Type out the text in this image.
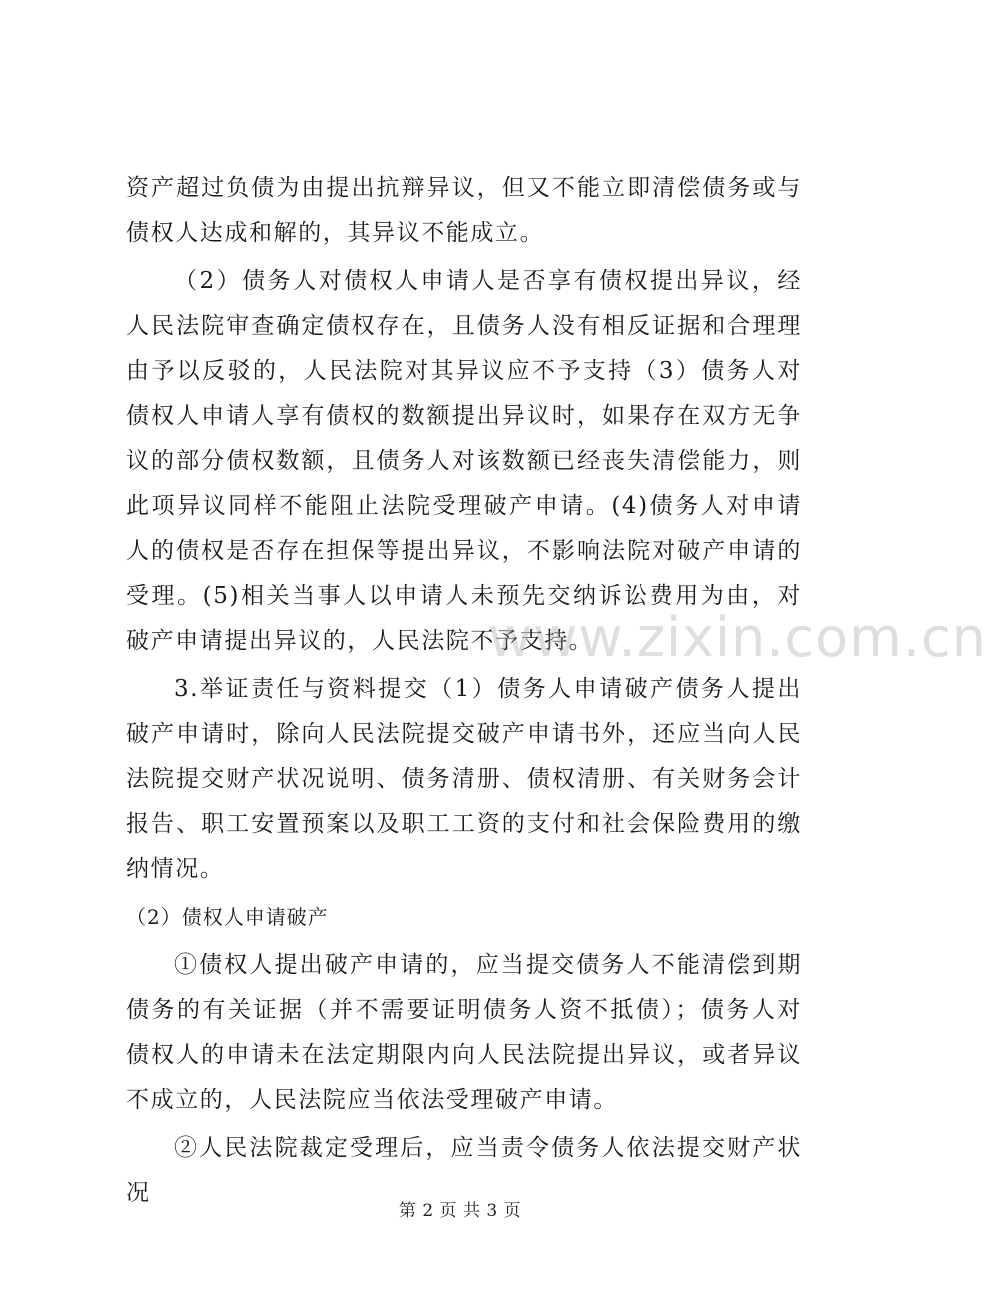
资产超过负债为由提出抗辩异议，但又不能立即清偿债务或与债权人达成和解的，其异议不能成立。

（2）债务人对债权人申请人是否享有债权提出异议，经人民法院审查确定债权存在，且债务人没有相反证据和合理理由予以反驳的，人民法院对其异议应不予支持（3）债务人对债权人申请人享有债权的数额提出异议时，如果存在双方无争议的部分债权数额，且债务人对该数额已经丧失清偿能力，则此项异议同样不能阻止法院受理破产申请。(4)债务人对申请人的债权是否存在担保等提出异议，不影响法院对破产申请的受理。(5)相关当事人以申请人未预先交纳诉讼费用为由，对破产申请提出异议的，人民法院不予支持。

3.举证责任与资料提交（1）债务人申请破产债务人提出破产申请时，除向人民法院提交破产申请书外，还应当向人民法院提交财产状况说明、债务清册、债权清册、有关财务会计报告、职工安置预案以及职工工资的支付和社会保险费用的缴纳情况。

（2）债权人申请破产

①债权人提出破产申请的，应当提交债务人不能清偿到期债务的有关证据（并不需要证明债务人资不抵债）；债务人对债权人的申请未在法定期限内向人民法院提出异议，或者异议不成立的，人民法院应当依法受理破产申请。

②人民法院裁定受理后，应当责令债务人依法提交财产状况

www.zixin.com.cn
第 2 页 共 3 页
